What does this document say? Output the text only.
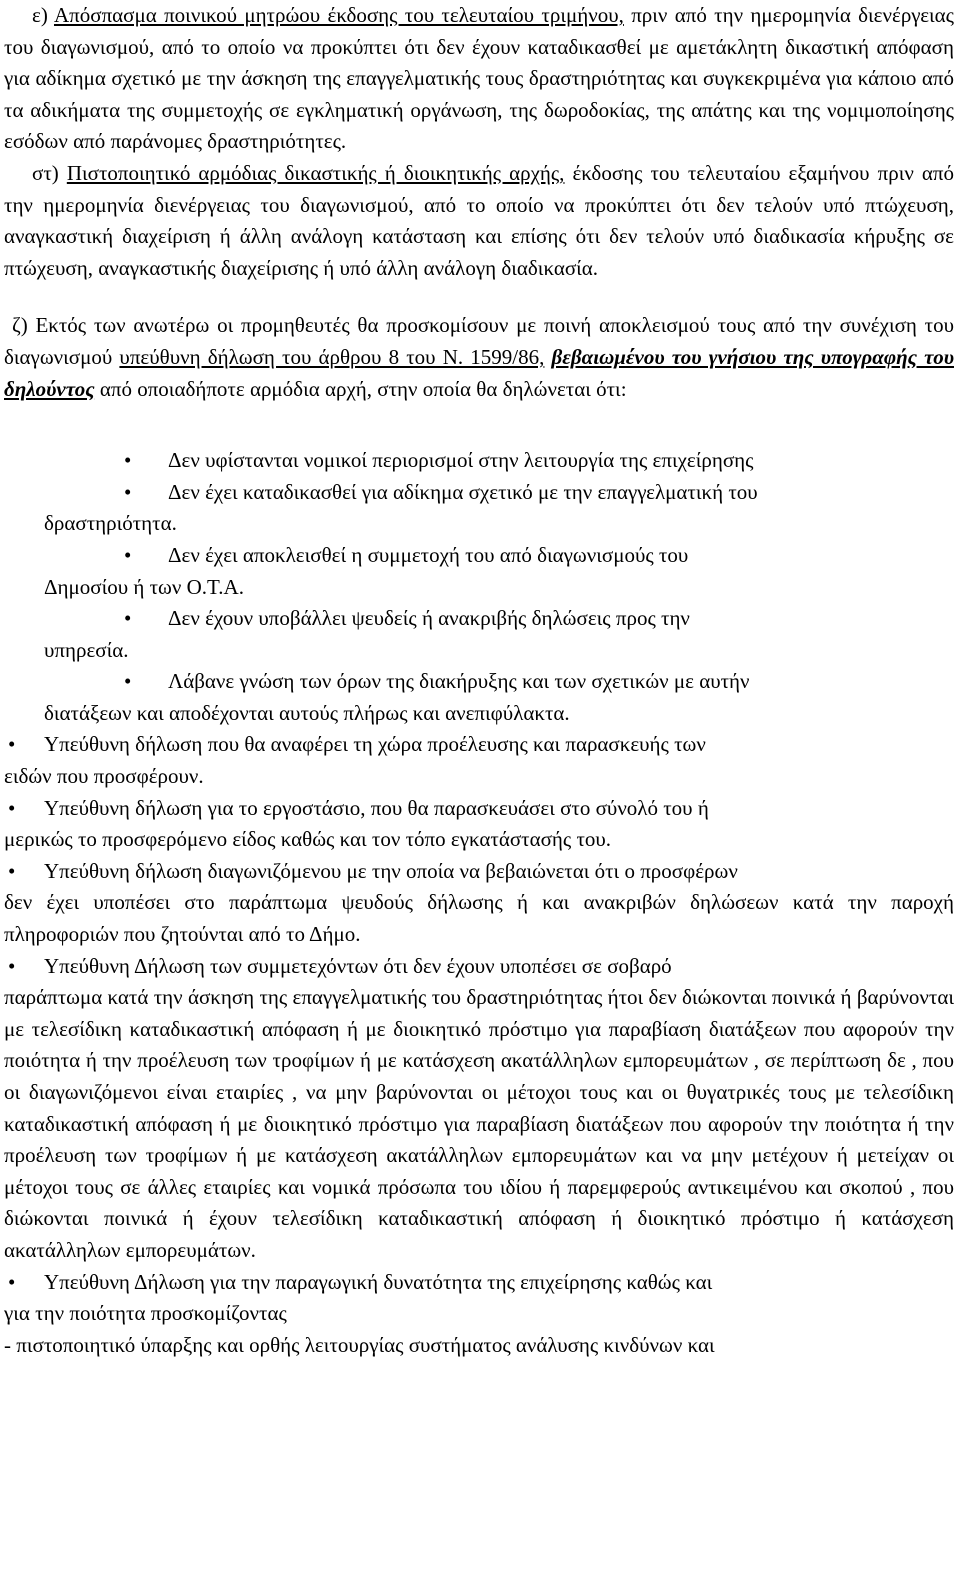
ε) Απόσπασμα ποινικού μητρώου έκδοσης του τελευταίου τριμήνου, πριν από την ημερομηνία διενέργειας του διαγωνισμού, από το οποίο να προκύπτει ότι δεν έχουν καταδικασθεί με αμετάκλητη δικαστική απόφαση για αδίκημα σχετικό με την άσκηση της επαγγελματικής τους δραστηριότητας και συγκεκριμένα για κάποιο από τα αδικήματα της συμμετοχής σε εγκληματική οργάνωση, της δωροδοκίας, της απάτης και της νομιμοποίησης εσόδων από παράνομες δραστηριότητες.

στ) Πιστοποιητικό αρμόδιας δικαστικής ή διοικητικής αρχής, έκδοσης του τελευταίου εξαμήνου πριν από την ημερομηνία διενέργειας του διαγωνισμού, από το οποίο να προκύπτει ότι δεν τελούν υπό πτώχευση, αναγκαστική διαχείριση ή άλλη ανάλογη κατάσταση και επίσης ότι δεν τελούν υπό διαδικασία κήρυξης σε πτώχευση, αναγκαστικής διαχείρισης ή υπό άλλη ανάλογη διαδικασία.

ζ) Εκτός των ανωτέρω οι προμηθευτές θα προσκομίσουν με ποινή αποκλεισμού τους από την συνέχιση του διαγωνισμού υπεύθυνη δήλωση του άρθρου 8 του Ν. 1599/86, βεβαιωμένου του γνήσιου της υπογραφής του δηλούντος από οποιαδήποτε αρμόδια αρχή, στην οποία θα δηλώνεται ότι:

• Δεν υφίστανται νομικοί περιορισμοί στην λειτουργία της επιχείρησης

• Δεν έχει καταδικασθεί για αδίκημα σχετικό με την επαγγελματική του
δραστηριότητα.

• Δεν έχει αποκλεισθεί η συμμετοχή του από διαγωνισμούς του
Δημοσίου ή των Ο.Τ.Α.

• Δεν έχουν υποβάλλει ψευδείς ή ανακριβής δηλώσεις προς την
υπηρεσία.

• Λάβανε γνώση των όρων της διακήρυξης και των σχετικών με αυτήν
διατάξεων και αποδέχονται αυτούς πλήρως και ανεπιφύλακτα.

• Υπεύθυνη δήλωση που θα αναφέρει τη χώρα προέλευσης και παρασκευής των
ειδών που προσφέρουν.

• Υπεύθυνη δήλωση για το εργοστάσιο, που θα παρασκευάσει στο σύνολό του ή
μερικώς το προσφερόμενο είδος καθώς και τον τόπο εγκατάστασής του.

• Υπεύθυνη δήλωση διαγωνιζόμενου με την οποία να βεβαιώνεται ότι ο προσφέρων
δεν έχει υποπέσει στο παράπτωμα ψευδούς δήλωσης ή και ανακριβών δηλώσεων κατά την παροχή πληροφοριών που ζητούνται από το Δήμο.

• Υπεύθυνη Δήλωση των συμμετεχόντων ότι δεν έχουν υποπέσει σε σοβαρό
παράπτωμα κατά την άσκηση της επαγγελματικής του δραστηριότητας ήτοι δεν διώκονται ποινικά ή βαρύνονται με τελεσίδικη καταδικαστική απόφαση ή με διοικητικό πρόστιμο για παραβίαση διατάξεων που αφορούν την ποιότητα ή την προέλευση των τροφίμων ή με κατάσχεση ακατάλληλων εμπορευμάτων , σε περίπτωση δε , που οι διαγωνιζόμενοι είναι εταιρίες , να μην βαρύνονται οι μέτοχοι τους και οι θυγατρικές τους με τελεσίδικη καταδικαστική απόφαση ή με διοικητικό πρόστιμο για παραβίαση διατάξεων που αφορούν την ποιότητα ή την προέλευση των τροφίμων ή με κατάσχεση ακατάλληλων εμπορευμάτων και να μην μετέχουν ή μετείχαν οι μέτοχοι τους σε άλλες εταιρίες και νομικά πρόσωπα του ιδίου ή παρεμφερούς αντικειμένου και σκοπού , που διώκονται ποινικά ή έχουν τελεσίδικη καταδικαστική απόφαση ή διοικητικό πρόστιμο ή κατάσχεση ακατάλληλων εμπορευμάτων.

• Υπεύθυνη Δήλωση για την παραγωγική δυνατότητα της επιχείρησης καθώς και
για την ποιότητα προσκομίζοντας

- πιστοποιητικό ύπαρξης και ορθής λειτουργίας συστήματος ανάλυσης κινδύνων και
